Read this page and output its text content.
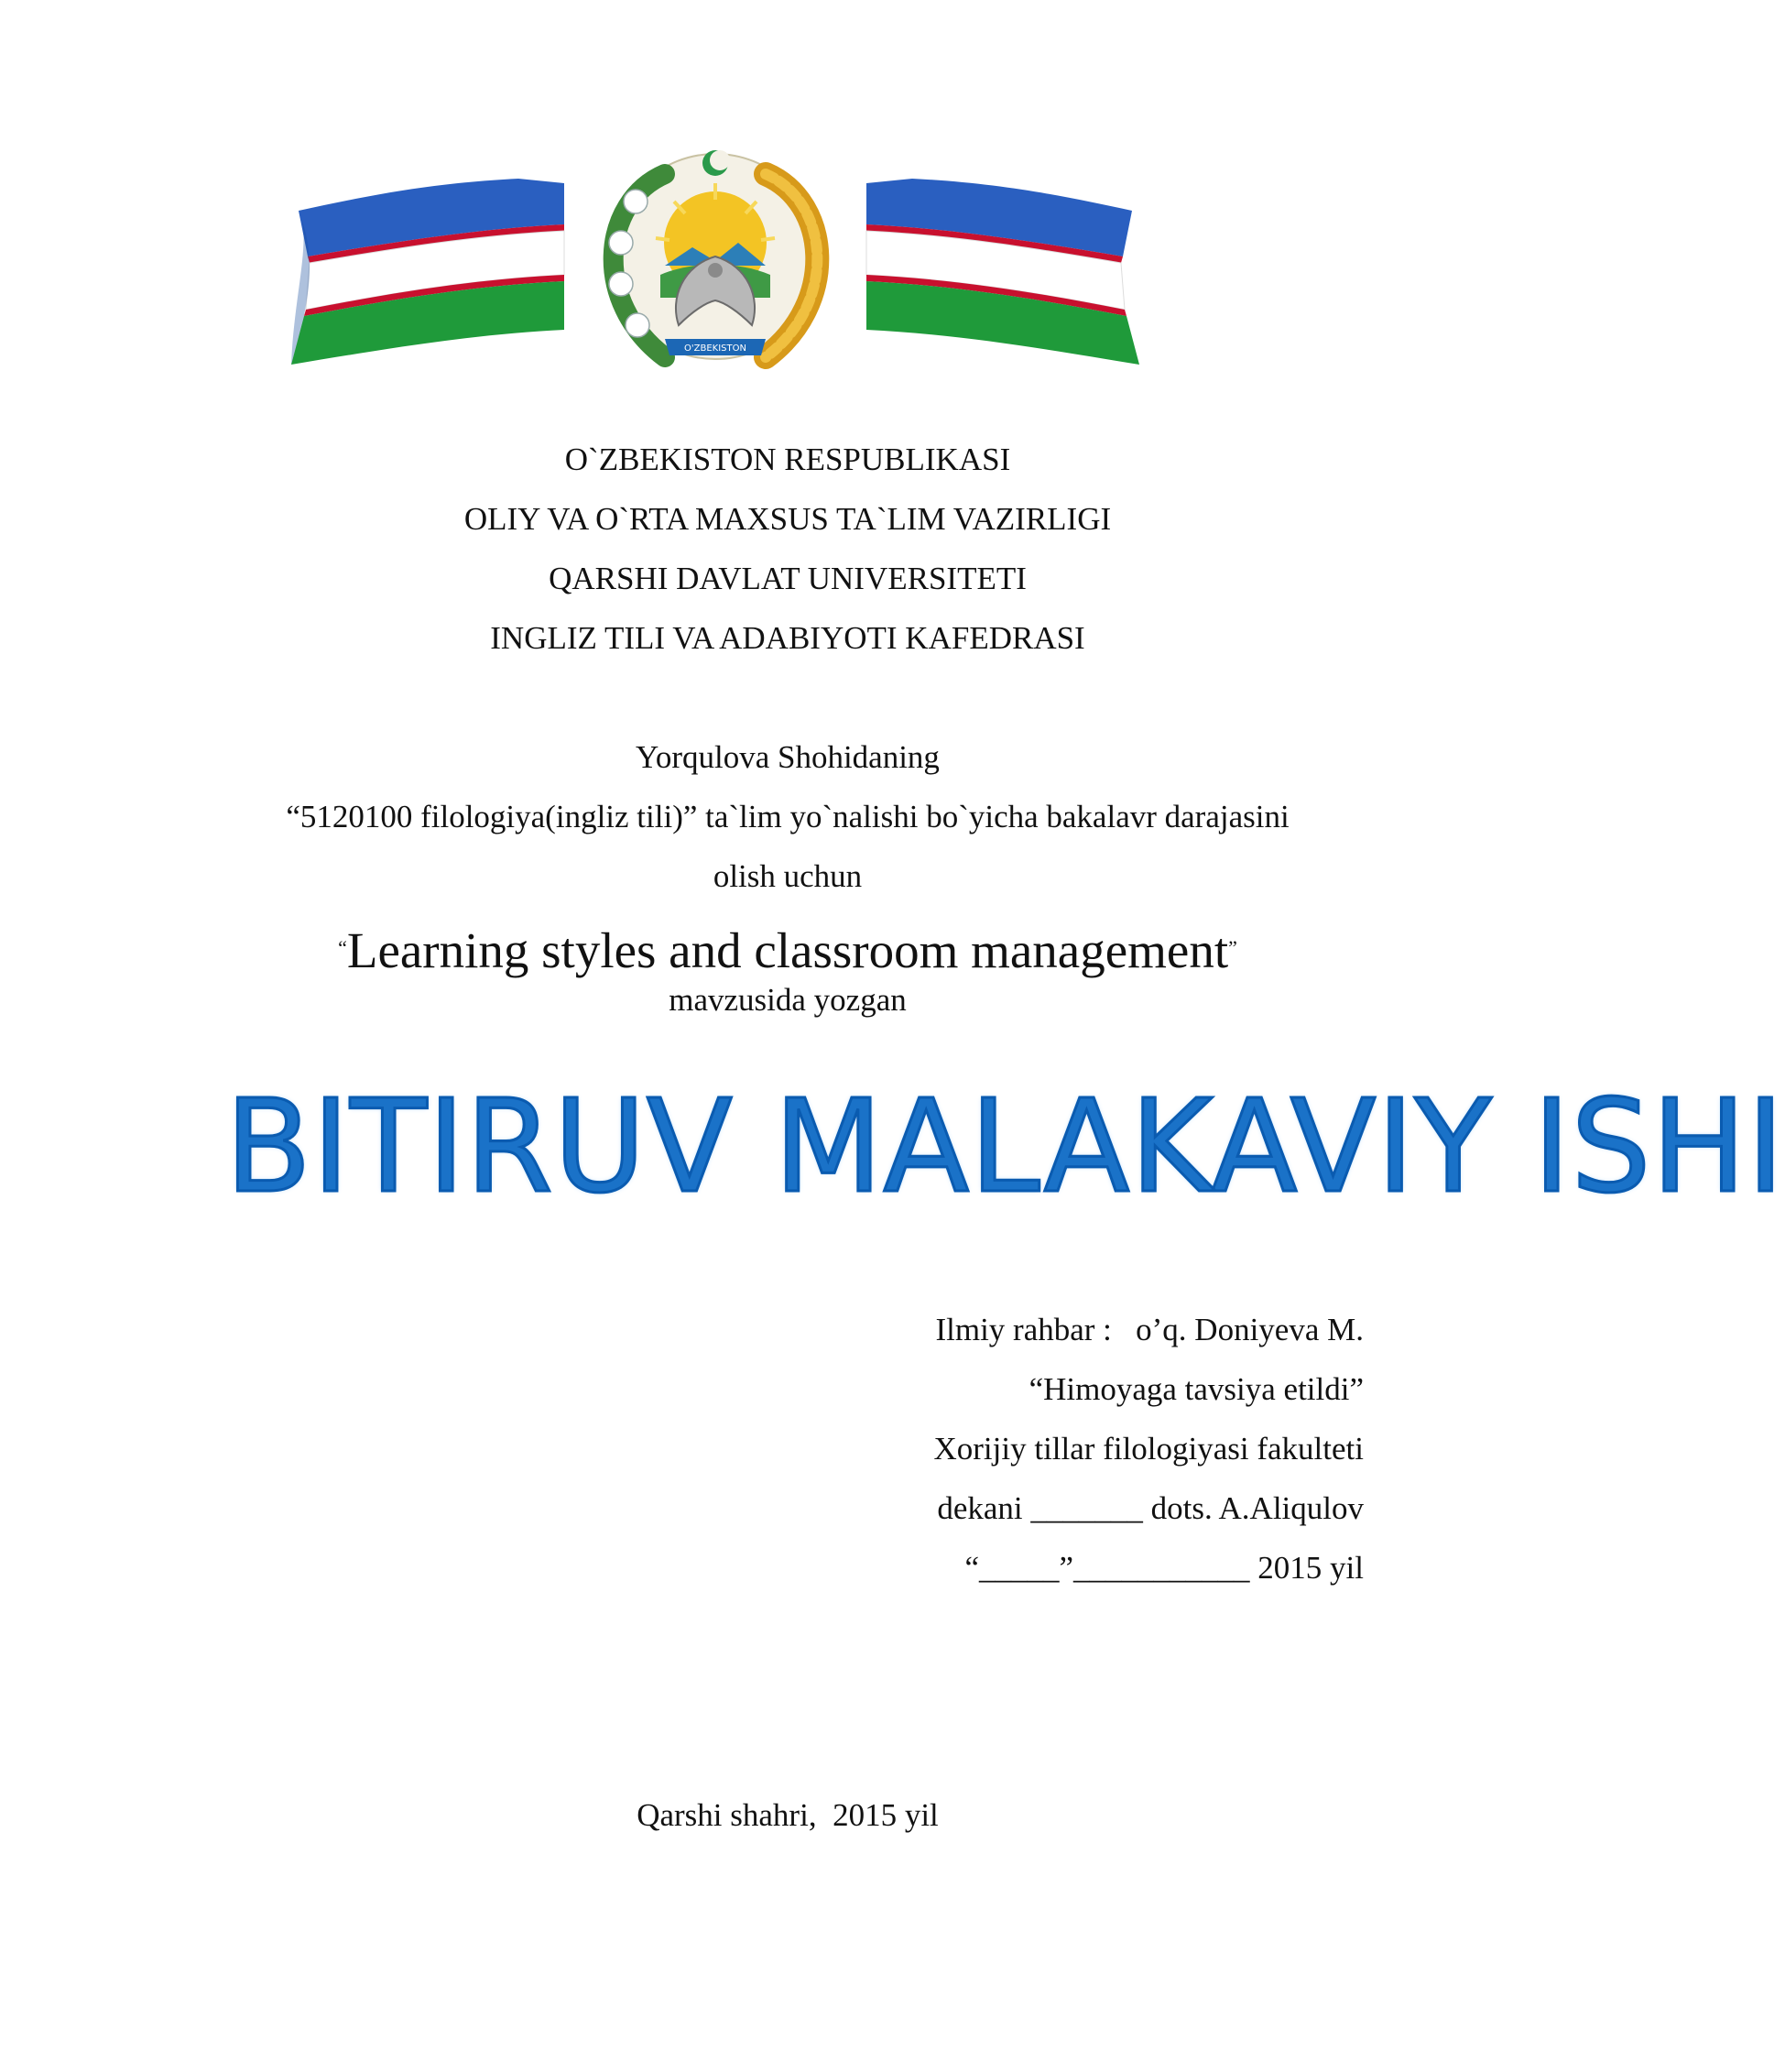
O'ZBEKISTON
O`ZBEKISTON RESPUBLIKASI
OLIY VA O`RTA MAXSUS TA`LIM VAZIRLIGI
QARSHI DAVLAT UNIVERSITETI
INGLIZ TILI VA ADABIYOTI KAFEDRASI
Yorqulova Shohidaning
“5120100 filologiya(ingliz tili)” ta`lim yo`nalishi bo`yicha bakalavr darajasini
olish uchun
“Learning styles and classroom management”
mavzusida yozgan
BITIRUV MALAKAVIY ISHI
Ilmiy rahbar :   o’q. Doniyeva M.
“Himoyaga tavsiya etildi”
Xorijiy tillar filologiyasi fakulteti
dekani _______ dots. A.Aliqulov
“_____”___________ 2015 yil
Qarshi shahri,  2015 yil
